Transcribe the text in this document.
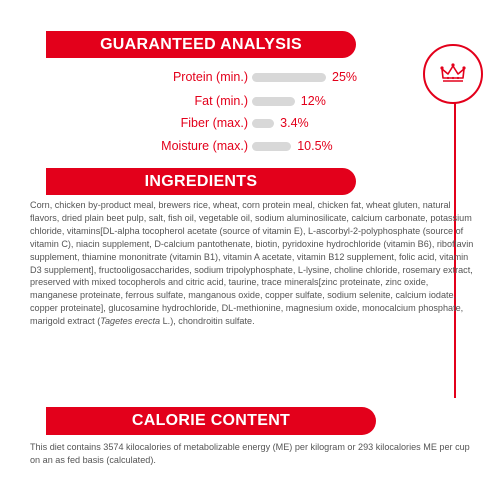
GUARANTEED ANALYSIS
Protein (min.)	25%
Fat (min.)	12%
Fiber (max.)	3.4%
Moisture (max.)	10.5%
INGREDIENTS
Corn, chicken by-product meal, brewers rice, wheat, corn protein meal, chicken fat, wheat gluten, natural flavors, dried plain beet pulp, salt, fish oil, vegetable oil, sodium aluminosilicate, calcium carbonate, potassium chloride, vitamins[DL-alpha tocopherol acetate (source of vitamin E), L-ascorbyl-2-polyphosphate (source of vitamin C), niacin supplement, D-calcium pantothenate, biotin, pyridoxine hydrochloride (vitamin B6), riboflavin supplement, thiamine mononitrate (vitamin B1), vitamin A acetate, vitamin B12 supplement, folic acid, vitamin D3 supplement], fructooligosaccharides, sodium tripolyphosphate, L-lysine, choline chloride, rosemary extract, preserved with mixed tocopherols and citric acid, taurine, trace minerals[zinc proteinate, zinc oxide, manganese proteinate, ferrous sulfate, manganous oxide, copper sulfate, sodium selenite, calcium iodate, copper proteinate], glucosamine hydrochloride, DL-methionine, magnesium oxide, monocalcium phosphate, marigold extract (Tagetes erecta L.), chondroitin sulfate.
CALORIE CONTENT
This diet contains 3574 kilocalories of metabolizable energy (ME) per kilogram or 293 kilocalories ME per cup on an as fed basis (calculated).
